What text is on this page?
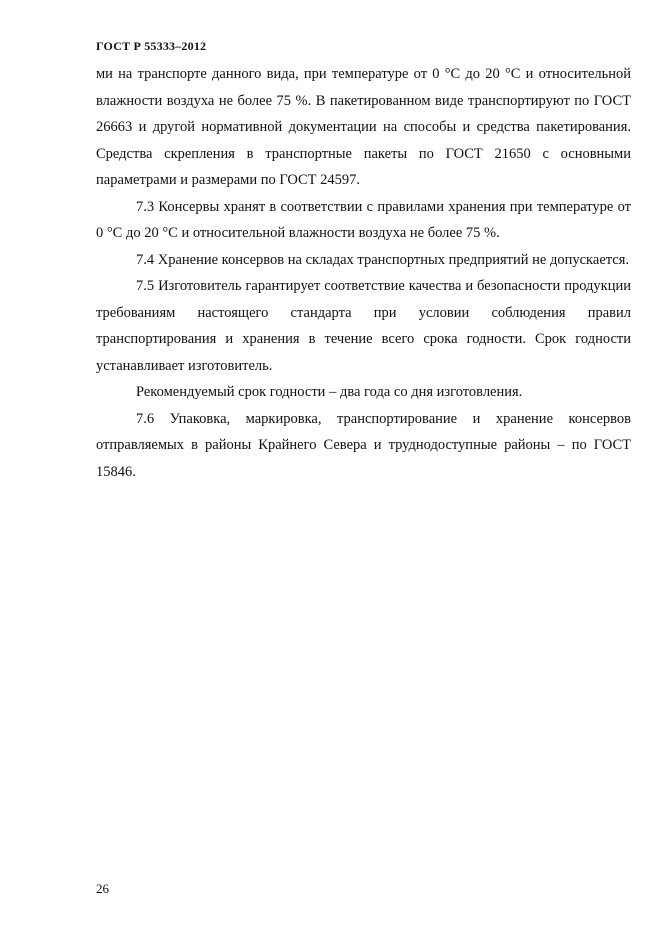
ГОСТ Р 55333–2012

ми на транспорте данного вида, при температуре от 0 °С до 20 °С и относительной влажности воздуха не более 75 %. В пакетированном виде транспортируют по ГОСТ 26663 и другой нормативной документации на способы и средства пакетирования. Средства скрепления в транспортные пакеты по ГОСТ 21650 с основными параметрами и размерами по ГОСТ 24597.

7.3 Консервы хранят в соответствии с правилами хранения при температуре от 0 °С до 20 °С и относительной влажности воздуха не более 75 %.

7.4 Хранение консервов на складах транспортных предприятий не допускается.

7.5 Изготовитель гарантирует соответствие качества и безопасности продукции требованиям настоящего стандарта при условии соблюдения правил транспортирования и хранения в течение всего срока годности. Срок годности устанавливает изготовитель.

Рекомендуемый срок годности – два года со дня изготовления.

7.6 Упаковка, маркировка, транспортирование и хранение консервов отправляемых в районы Крайнего Севера и труднодоступные районы – по ГОСТ 15846.

26
